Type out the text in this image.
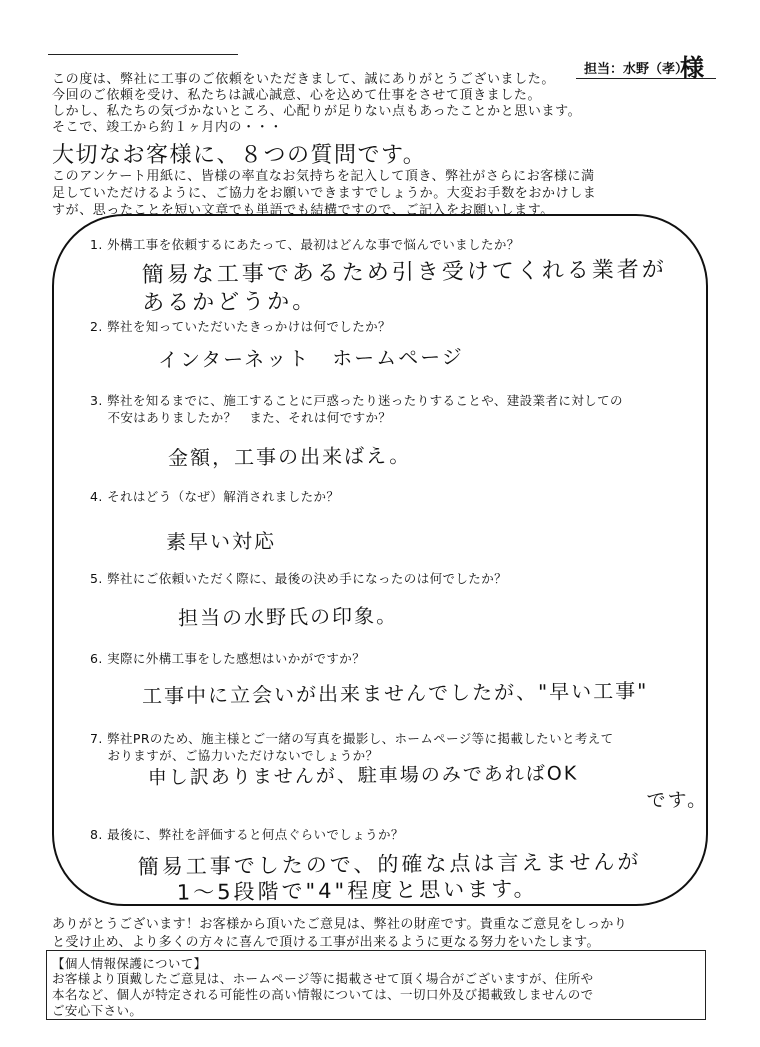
担当：水野（孝）
様
この度は、弊社に工事のご依頼をいただきまして、誠にありがとうございました。
今回のご依頼を受け、私たちは誠心誠意、心を込めて仕事をさせて頂きました。
しかし、私たちの気づかないところ、心配りが足りない点もあったことかと思います。
そこで、竣工から約１ヶ月内の・・・
大切なお客様に、８つの質問です。
このアンケート用紙に、皆様の率直なお気持ちを記入して頂き、弊社がさらにお客様に満
足していただけるように、ご協力をお願いできますでしょうか。大変お手数をおかけしま
すが、思ったことを短い文章でも単語でも結構ですので、ご記入をお願いします。
1. 外構工事を依頼するにあたって、最初はどんな事で悩んでいましたか？
簡易な工事であるため引き受けてくれる業者が
あるかどうか。
2. 弊社を知っていただいたきっかけは何でしたか？
インターネット　ホームページ
3. 弊社を知るまでに、施工することに戸惑ったり迷ったりすることや、建設業者に対しての
不安はありましたか？　また、それは何ですか？
金額，工事の出来ばえ。
4. それはどう（なぜ）解消されましたか？
素早い対応
5. 弊社にご依頼いただく際に、最後の決め手になったのは何でしたか？
担当の水野氏の印象。
6. 実際に外構工事をした感想はいかがですか？
工事中に立会いが出来ませんでしたが、"早い工事"
7. 弊社PRのため、施主様とご一緒の写真を撮影し、ホームページ等に掲載したいと考えて
おりますが、ご協力いただけないでしょうか？
申し訳ありませんが、駐車場のみであればOK
です。
8. 最後に、弊社を評価すると何点ぐらいでしょうか？
簡易工事でしたので、的確な点は言えませんが
1〜5段階で"4"程度と思います。
ありがとうございます！お客様から頂いたご意見は、弊社の財産です。貴重なご意見をしっかり
と受け止め、より多くの方々に喜んで頂ける工事が出来るように更なる努力をいたします。
【個人情報保護について】
お客様より頂戴したご意見は、ホームページ等に掲載させて頂く場合がございますが、住所や
本名など、個人が特定される可能性の高い情報については、一切口外及び掲載致しませんので
ご安心下さい。
